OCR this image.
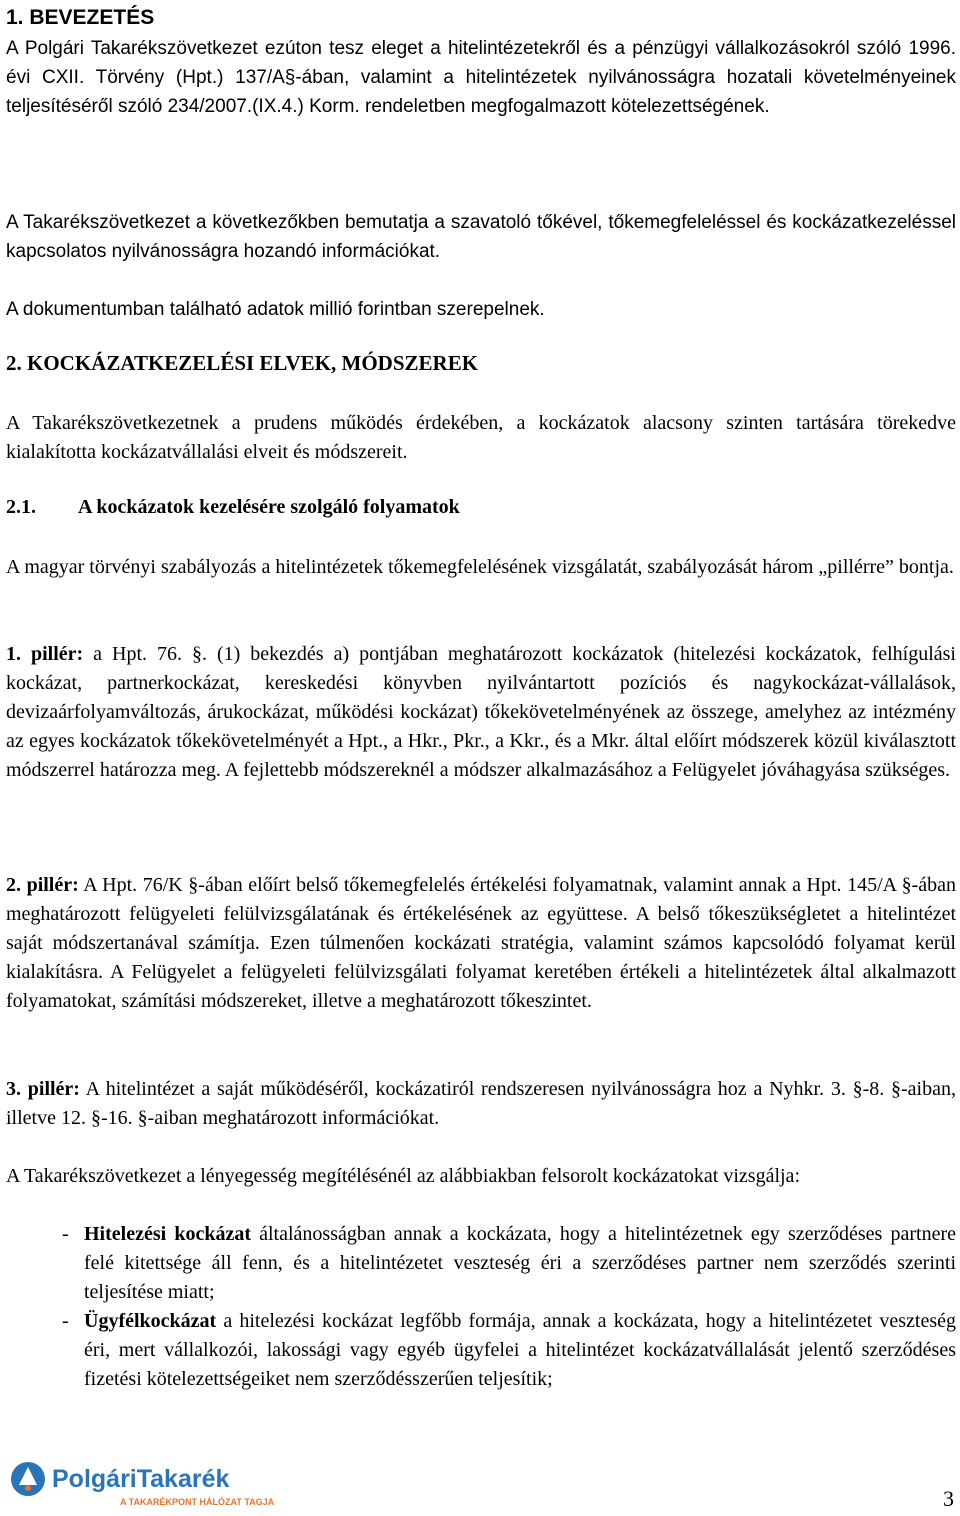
1. BEVEZETÉS
A Polgári Takarékszövetkezet ezúton tesz eleget a hitelintézetekről és a pénzügyi vállalkozásokról szóló 1996. évi CXII. Törvény (Hpt.) 137/A§-ában, valamint a hitelintézetek nyilvánosságra hozatali követelményeinek teljesítéséről szóló 234/2007.(IX.4.) Korm. rendeletben megfogalmazott kötelezettségének.
A Takarékszövetkezet a következőkben bemutatja a szavatoló tőkével, tőkemegfeleléssel és kockázatkezeléssel kapcsolatos nyilvánosságra hozandó információkat.
A dokumentumban található adatok millió forintban szerepelnek.
2. KOCKÁZATKEZELÉSI ELVEK, MÓDSZEREK
A Takarékszövetkezetnek a prudens működés érdekében, a kockázatok alacsony szinten tartására törekedve kialakította kockázatvállalási elveit és módszereit.
2.1. A kockázatok kezelésére szolgáló folyamatok
A magyar törvényi szabályozás a hitelintézetek tőkemegfelelésének vizsgálatát, szabályozását három „pillérre” bontja.
1. pillér: a Hpt. 76. §. (1) bekezdés a) pontjában meghatározott kockázatok (hitelezési kockázatok, felhígulási kockázat, partnerkockázat, kereskedési könyvben nyilvántartott pozíciós és nagykockázat-vállalások, devizaárfolyamváltozás, árukockázat, működési kockázat) tőkekövetelményének az összege, amelyhez az intézmény az egyes kockázatok tőkekövetelményét a Hpt., a Hkr., Pkr., a Kkr., és a Mkr. által előírt módszerek közül kiválasztott módszerrel határozza meg. A fejlettebb módszereknél a módszer alkalmazásához a Felügyelet jóváhagyása szükséges.
2. pillér: A Hpt. 76/K §-ában előírt belső tőkemegfelelés értékelési folyamatnak, valamint annak a Hpt. 145/A §-ában meghatározott felügyeleti felülvizsgálatának és értékelésének az együttese. A belső tőkeszükségletet a hitelintézet saját módszertanával számítja. Ezen túlmenően kockázati stratégia, valamint számos kapcsolódó folyamat kerül kialakításra. A Felügyelet a felügyeleti felülvizsgálati folyamat keretében értékeli a hitelintézetek által alkalmazott folyamatokat, számítási módszereket, illetve a meghatározott tőkeszintet.
3. pillér: A hitelintézet a saját működéséről, kockázatiról rendszeresen nyilvánosságra hoz a Nyhkr. 3. §-8. §-aiban, illetve 12. §-16. §-aiban meghatározott információkat.
A Takarékszövetkezet a lényegesség megítélésénél az alábbiakban felsorolt kockázatokat vizsgálja:
- Hitelezési kockázat általánosságban annak a kockázata, hogy a hitelintézetnek egy szerződéses partnere felé kitettsége áll fenn, és a hitelintézetet veszteség éri a szerződéses partner nem szerződés szerinti teljesítése miatt;
- Ügyfélkockázat a hitelezési kockázat legfőbb formája, annak a kockázata, hogy a hitelintézetet veszteség éri, mert vállalkozói, lakossági vagy egyéb ügyfelei a hitelintézet kockázatvállalását jelentő szerződéses fizetési kötelezettségeiket nem szerződésszerűen teljesítik;
PolgáriTakarék
A TAKARÉKPONT HÁLÓZAT TAGJA	3
